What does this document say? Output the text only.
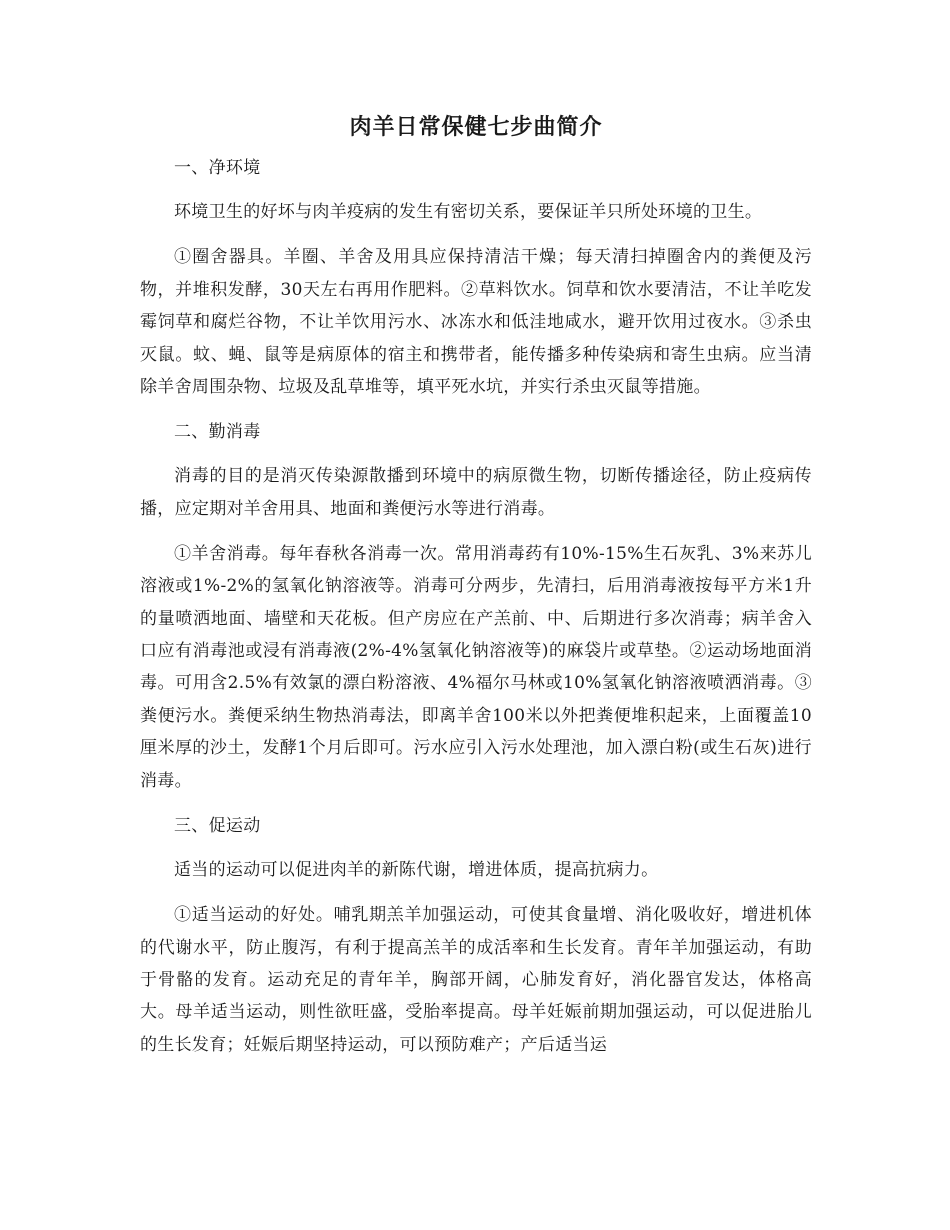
肉羊日常保健七步曲简介
一、净环境

环境卫生的好坏与肉羊疫病的发生有密切关系，要保证羊只所处环境的卫生。

①圈舍器具。羊圈、羊舍及用具应保持清洁干燥；每天清扫掉圈舍内的粪便及污物，并堆积发酵，30天左右再用作肥料。②草料饮水。饲草和饮水要清洁，不让羊吃发霉饲草和腐烂谷物，不让羊饮用污水、冰冻水和低洼地咸水，避开饮用过夜水。③杀虫灭鼠。蚊、蝇、鼠等是病原体的宿主和携带者，能传播多种传染病和寄生虫病。应当清除羊舍周围杂物、垃圾及乱草堆等，填平死水坑，并实行杀虫灭鼠等措施。

二、勤消毒

消毒的目的是消灭传染源散播到环境中的病原微生物，切断传播途径，防止疫病传播，应定期对羊舍用具、地面和粪便污水等进行消毒。

①羊舍消毒。每年春秋各消毒一次。常用消毒药有10%-15%生石灰乳、3%来苏儿溶液或1%-2%的氢氧化钠溶液等。消毒可分两步，先清扫，后用消毒液按每平方米1升的量喷洒地面、墙壁和天花板。但产房应在产羔前、中、后期进行多次消毒；病羊舍入口应有消毒池或浸有消毒液(2%-4%氢氧化钠溶液等)的麻袋片或草垫。②运动场地面消毒。可用含2.5%有效氯的漂白粉溶液、4%福尔马林或10%氢氧化钠溶液喷洒消毒。③粪便污水。粪便采纳生物热消毒法，即离羊舍100米以外把粪便堆积起来，上面覆盖10厘米厚的沙土，发酵1个月后即可。污水应引入污水处理池，加入漂白粉(或生石灰)进行消毒。

三、促运动

适当的运动可以促进肉羊的新陈代谢，增进体质，提高抗病力。

①适当运动的好处。哺乳期羔羊加强运动，可使其食量增、消化吸收好，增进机体的代谢水平，防止腹泻，有利于提高羔羊的成活率和生长发育。青年羊加强运动，有助于骨骼的发育。运动充足的青年羊，胸部开阔，心肺发育好，消化器官发达，体格高大。母羊适当运动，则性欲旺盛，受胎率提高。母羊妊娠前期加强运动，可以促进胎儿的生长发育；妊娠后期坚持运动，可以预防难产；产后适当运
